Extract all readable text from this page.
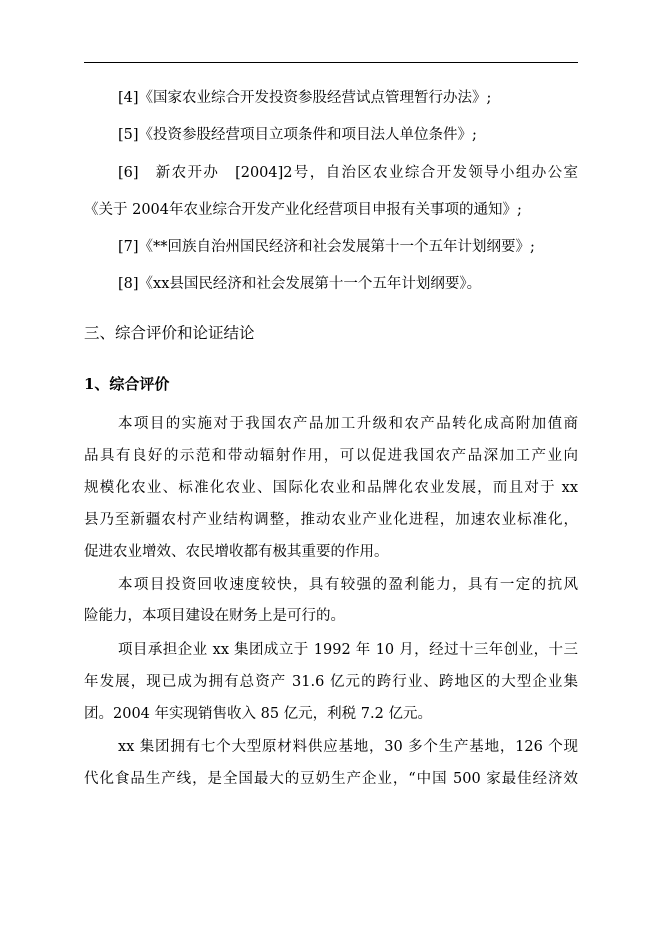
[4]《国家农业综合开发投资参股经营试点管理暂行办法》;
[5]《投资参股经营项目立项条件和项目法人单位条件》;
[6]　新农开办　[2004]2号，自治区农业综合开发领导小组办公室
《关于 2004年农业综合开发产业化经营项目申报有关事项的通知》;
[7]《**回族自治州国民经济和社会发展第十一个五年计划纲要》;
[8]《xx县国民经济和社会发展第十一个五年计划纲要》。
三、综合评价和论证结论
1、综合评价
本项目的实施对于我国农产品加工升级和农产品转化成高附加值商
品具有良好的示范和带动辐射作用，可以促进我国农产品深加工产业向
规模化农业、标准化农业、国际化农业和品牌化农业发展，而且对于 xx
县乃至新疆农村产业结构调整，推动农业产业化进程，加速农业标准化，
促进农业增效、农民增收都有极其重要的作用。
本项目投资回收速度较快，具有较强的盈利能力，具有一定的抗风
险能力，本项目建设在财务上是可行的。
项目承担企业 xx 集团成立于 1992 年 10 月，经过十三年创业，十三
年发展，现已成为拥有总资产 31.6 亿元的跨行业、跨地区的大型企业集
团。2004 年实现销售收入 85 亿元，利税 7.2 亿元。
xx 集团拥有七个大型原材料供应基地，30 多个生产基地，126 个现
代化食品生产线，是全国最大的豆奶生产企业，“中国 500 家最佳经济效
